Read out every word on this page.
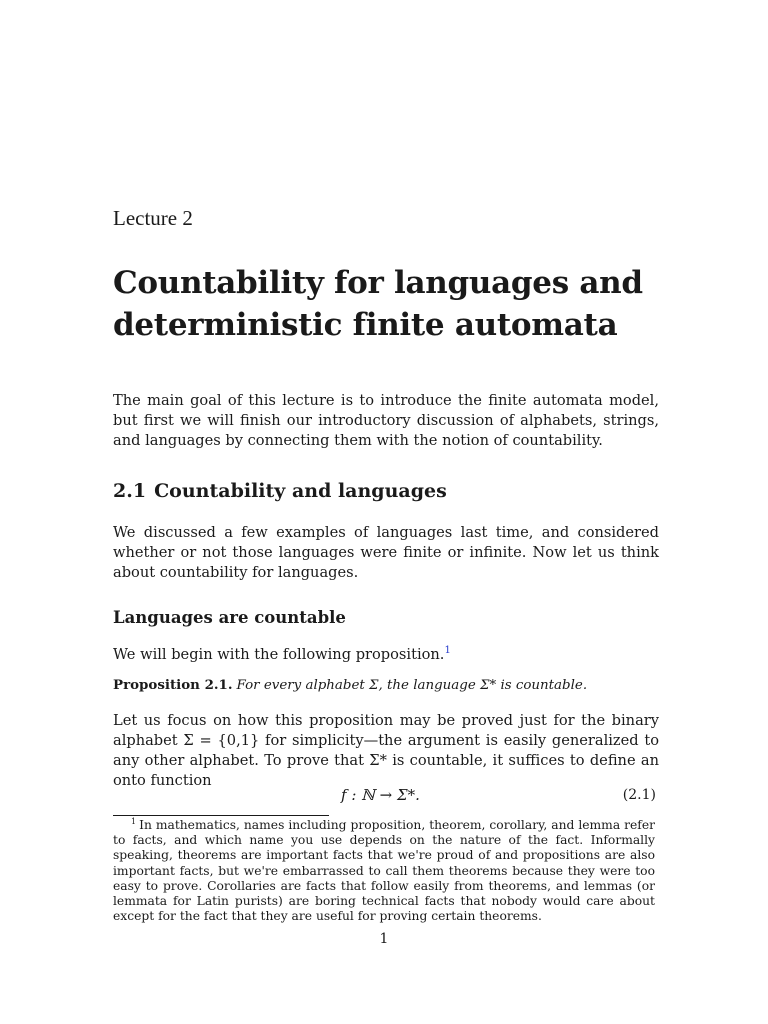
Lecture 2
Countability for languages and deterministic finite automata

The main goal of this lecture is to introduce the finite automata model, but first we will finish our introductory discussion of alphabets, strings, and languages by connecting them with the notion of countability.

2.1 Countability and languages

We discussed a few examples of languages last time, and considered whether or not those languages were finite or infinite. Now let us think about countability for languages.

Languages are countable

We will begin with the following proposition.$^1$

Proposition 2.1. For every alphabet Σ, the language Σ* is countable.

Let us focus on how this proposition may be proved just for the binary alphabet Σ = {0,1} for simplicity—the argument is easily generalized to any other alphabet. To prove that Σ* is countable, it suffices to define an onto function

f : ℕ → Σ*.	(2.1)

$^1$ In mathematics, names including proposition, theorem, corollary, and lemma refer to facts, and which name you use depends on the nature of the fact. Informally speaking, theorems are important facts that we're proud of and propositions are also important facts, but we're embarrassed to call them theorems because they were too easy to prove. Corollaries are facts that follow easily from theorems, and lemmas (or lemmata for Latin purists) are boring technical facts that nobody would care about except for the fact that they are useful for proving certain theorems.

1
